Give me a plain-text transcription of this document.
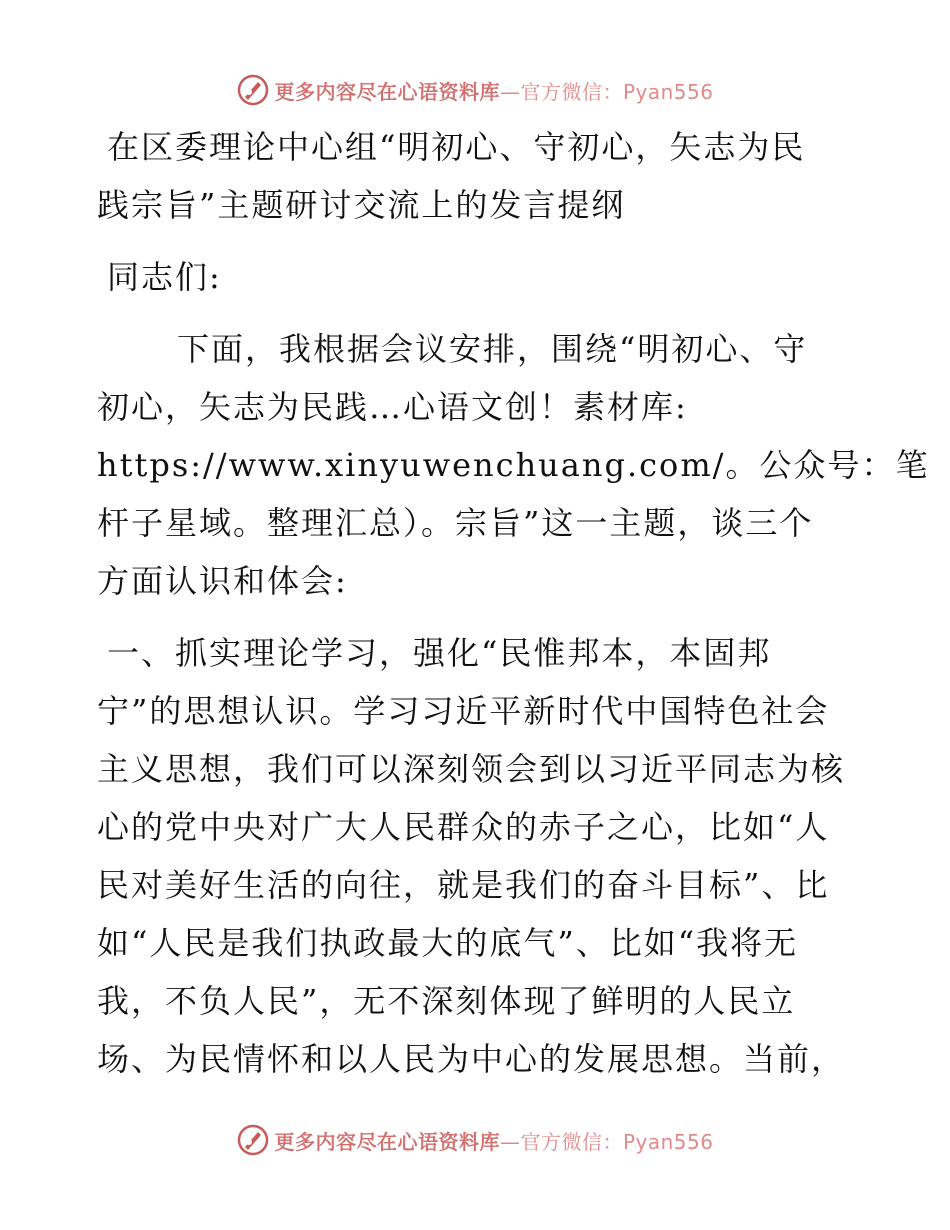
更多内容尽在心语资料库—官方微信：Pyan556
在区委理论中心组“明初心、守初心，矢志为民
践宗旨”主题研讨交流上的发言提纲
同志们:
下面，我根据会议安排，围绕“明初心、守
初心，矢志为民践…心语文创！素材库:
https://www.xinyuwenchuang.com/。公众号：笔
杆子星域。整理汇总）。宗旨”这一主题，谈三个
方面认识和体会:
一、抓实理论学习，强化“民惟邦本，本固邦
宁”的思想认识。学习习近平新时代中国特色社会
主义思想，我们可以深刻领会到以习近平同志为核
心的党中央对广大人民群众的赤子之心，比如“人
民对美好生活的向往，就是我们的奋斗目标”、比
如“人民是我们执政最大的底气”、比如“我将无
我，不负人民”，无不深刻体现了鲜明的人民立
场、为民情怀和以人民为中心的发展思想。当前，
更多内容尽在心语资料库—官方微信：Pyan556
